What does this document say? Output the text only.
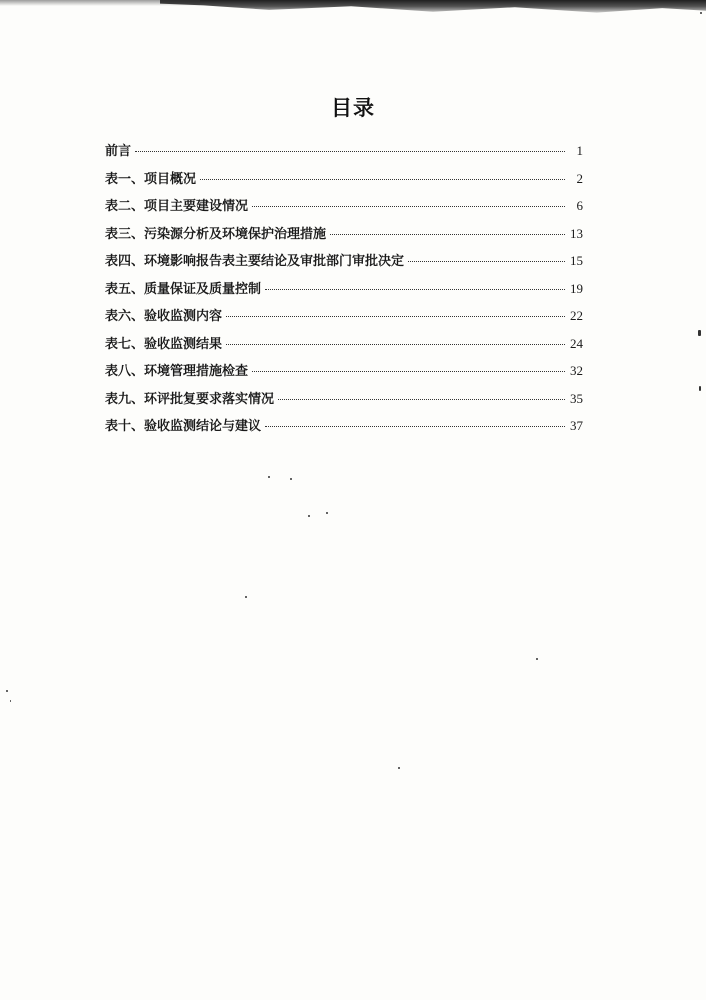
目录
前言	1
表一、项目概况	2
表二、项目主要建设情况	6
表三、污染源分析及环境保护治理措施	13
表四、环境影响报告表主要结论及审批部门审批决定	15
表五、质量保证及质量控制	19
表六、验收监测内容	22
表七、验收监测结果	24
表八、环境管理措施检查	32
表九、环评批复要求落实情况	35
表十、验收监测结论与建议	37
